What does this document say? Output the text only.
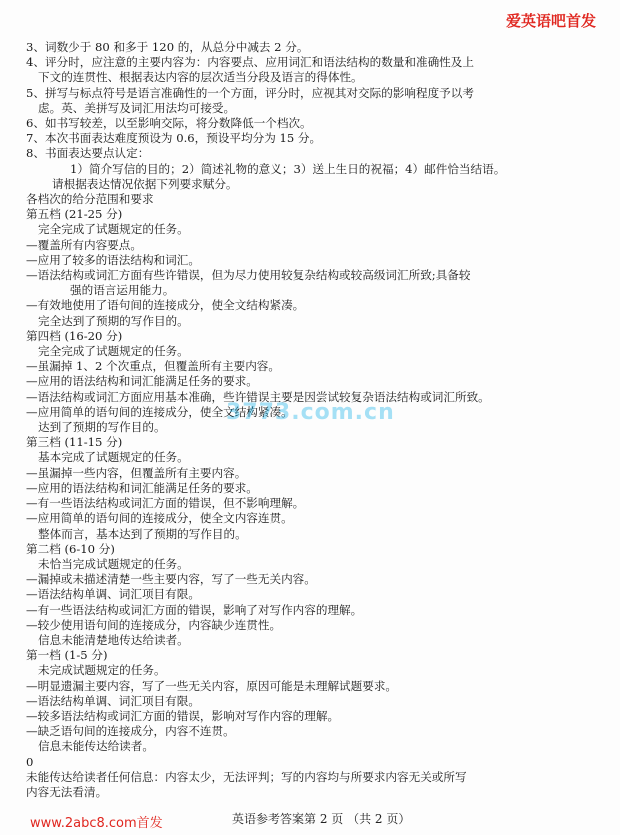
爱英语吧首发
3、词数少于 80 和多于 120 的，从总分中减去 2 分。
4、评分时，应注意的主要内容为：内容要点、应用词汇和语法结构的数量和准确性及上
下文的连贯性、根据表达内容的层次适当分段及语言的得体性。
5、拼写与标点符号是语言准确性的一个方面，评分时，应视其对交际的影响程度予以考
虑。英、美拼写及词汇用法均可接受。
6、如书写较差，以至影响交际，将分数降低一个档次。
7、本次书面表达难度预设为 0.6，预设平均分为 15 分。
8、书面表达要点认定：
1）简介写信的目的；2）简述礼物的意义；3）送上生日的祝福；4）邮件恰当结语。
请根据表达情况依据下列要求赋分。
各档次的给分范围和要求
第五档 (21-25 分)
完全完成了试题规定的任务。
—覆盖所有内容要点。
—应用了较多的语法结构和词汇。
—语法结构或词汇方面有些许错误，但为尽力使用较复杂结构或较高级词汇所致;具备较
强的语言运用能力。
—有效地使用了语句间的连接成分，使全文结构紧凑。
完全达到了预期的写作目的。
第四档 (16-20 分)
完全完成了试题规定的任务。
—虽漏掉 1、2 个次重点，但覆盖所有主要内容。
—应用的语法结构和词汇能满足任务的要求。
—语法结构或词汇方面应用基本准确，些许错误主要是因尝试较复杂语法结构或词汇所致。
—应用简单的语句间的连接成分，使全文结构紧凑。
达到了预期的写作目的。
第三档 (11-15 分)
基本完成了试题规定的任务。
—虽漏掉一些内容，但覆盖所有主要内容。
—应用的语法结构和词汇能满足任务的要求。
—有一些语法结构或词汇方面的错误，但不影响理解。
—应用简单的语句间的连接成分，使全文内容连贯。
整体而言，基本达到了预期的写作目的。
第二档 (6-10 分)
未恰当完成试题规定的任务。
—漏掉或未描述清楚一些主要内容，写了一些无关内容。
—语法结构单调、词汇项目有限。
—有一些语法结构或词汇方面的错误，影响了对写作内容的理解。
—较少使用语句间的连接成分，内容缺少连贯性。
信息未能清楚地传达给读者。
第一档 (1-5 分)
未完成试题规定的任务。
—明显遗漏主要内容，写了一些无关内容，原因可能是未理解试题要求。
—语法结构单调、词汇项目有限。
—较多语法结构或词汇方面的错误，影响对写作内容的理解。
—缺乏语句间的连接成分，内容不连贯。
信息未能传达给读者。
0
未能传达给读者任何信息：内容太少，无法评判；写的内容均与所要求内容无关或所写
内容无法看清。
3773.com.cn
英语参考答案第 2 页 （共 2 页）
www.2abc8.com首发
